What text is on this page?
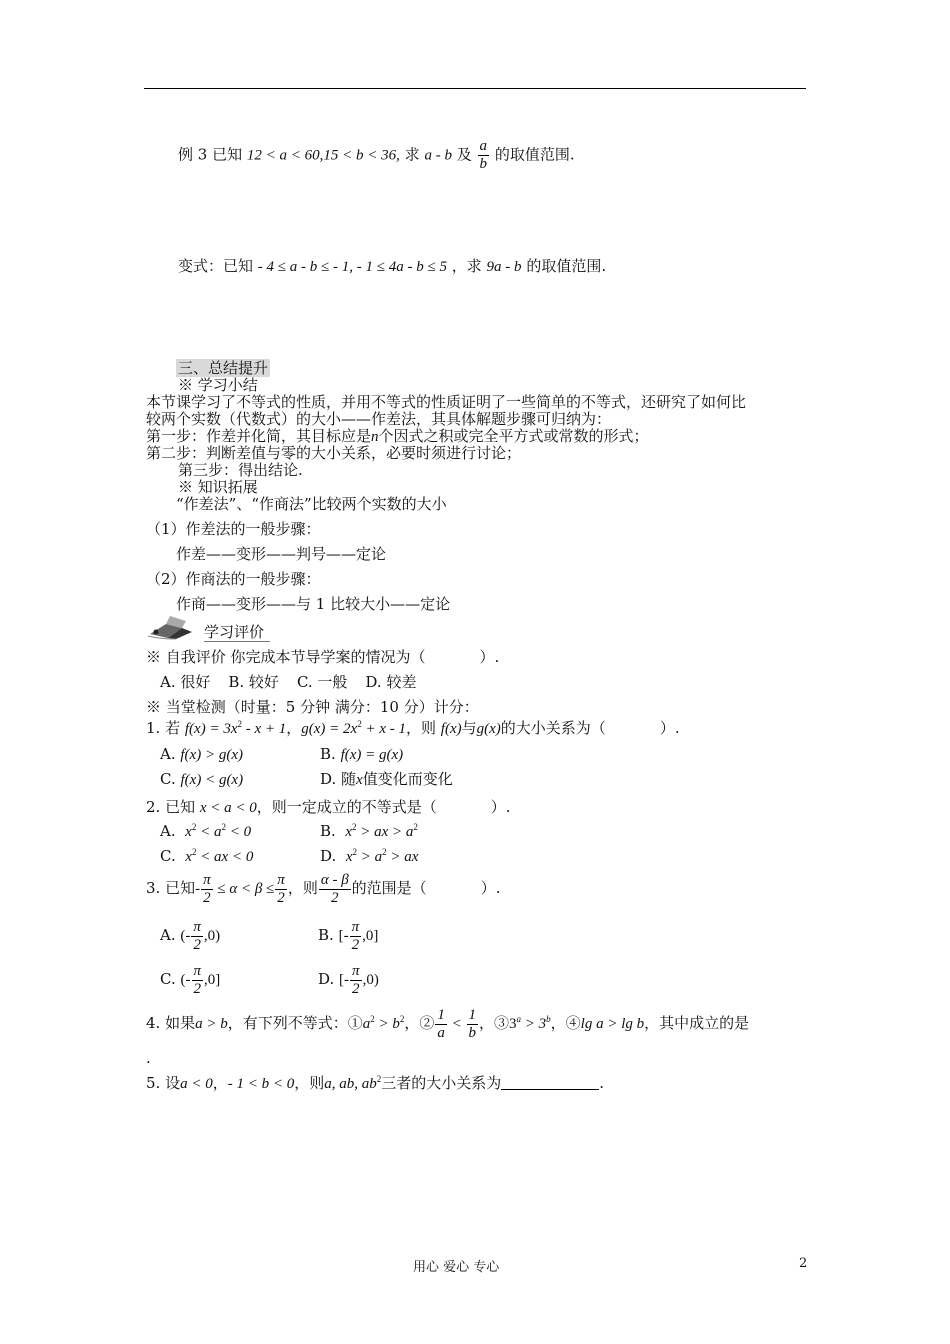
例 3 已知 12 < a < 60,15 < b < 36, 求 a - b 及 $\frac{a}{b}$ 的取值范围.
变式：已知 - 4 ≤ a - b ≤ - 1, - 1 ≤ 4a - b ≤ 5 ，求 9a - b 的取值范围.
三、总结提升
※ 学习小结
本节课学习了不等式的性质，并用不等式的性质证明了一些简单的不等式，还研究了如何比
较两个实数（代数式）的大小——作差法，其具体解题步骤可归纳为：
第一步：作差并化简，其目标应是n个因式之积或完全平方式或常数的形式；
第二步：判断差值与零的大小关系，必要时须进行讨论；
第三步：得出结论.
※ 知识拓展
“作差法”、“作商法”比较两个实数的大小
（1）作差法的一般步骤：
作差——变形——判号——定论
（2）作商法的一般步骤：
作商——变形——与 1 比较大小——定论
学习评价
※ 自我评价 你完成本节导学案的情况为（	）.
A. 很好 B. 较好 C. 一般 D. 较差
※ 当堂检测（时量：5 分钟 满分：10 分）计分：
1. 若 $f(x) = 3x^2 - x + 1$，$g(x) = 2x^2 + x - 1$，则 f(x)与g(x)的大小关系为（	）.
A. f(x) > g(x)	B. f(x) = g(x)
C. f(x) < g(x)	D. 随x值变化而变化
2. 已知 x < a < 0，则一定成立的不等式是（	）.
A. $x^2 < a^2 < 0$	B. $x^2$ > ax > $a^2$
C. $x^2$ < ax < 0	D. $x^2 > a^2$ > ax
3. 已知- $\frac{\pi}{2} \le \alpha < \beta \le \frac{\pi}{2}$ ，则 $\frac{\alpha - \beta}{2}$ 的范围是（	）.
A. (- $\frac{\pi}{2} ,0$)	B. [- $\frac{\pi}{2} ,0$]
C. (- $\frac{\pi}{2} ,0$]	D. [- $\frac{\pi}{2} ,0$)
4. 如果a > b，有下列不等式：$①a^2 > b^2$，② $\frac{1}{a} < \frac{1}{b}$ ，$③3^a > 3^b$，④lg a > lg b，其中成立的是
.
5. 设a < 0，- 1 < b < 0，则a, ab, $ab^2$三者的大小关系为	.
用心 爱心 专心	2
